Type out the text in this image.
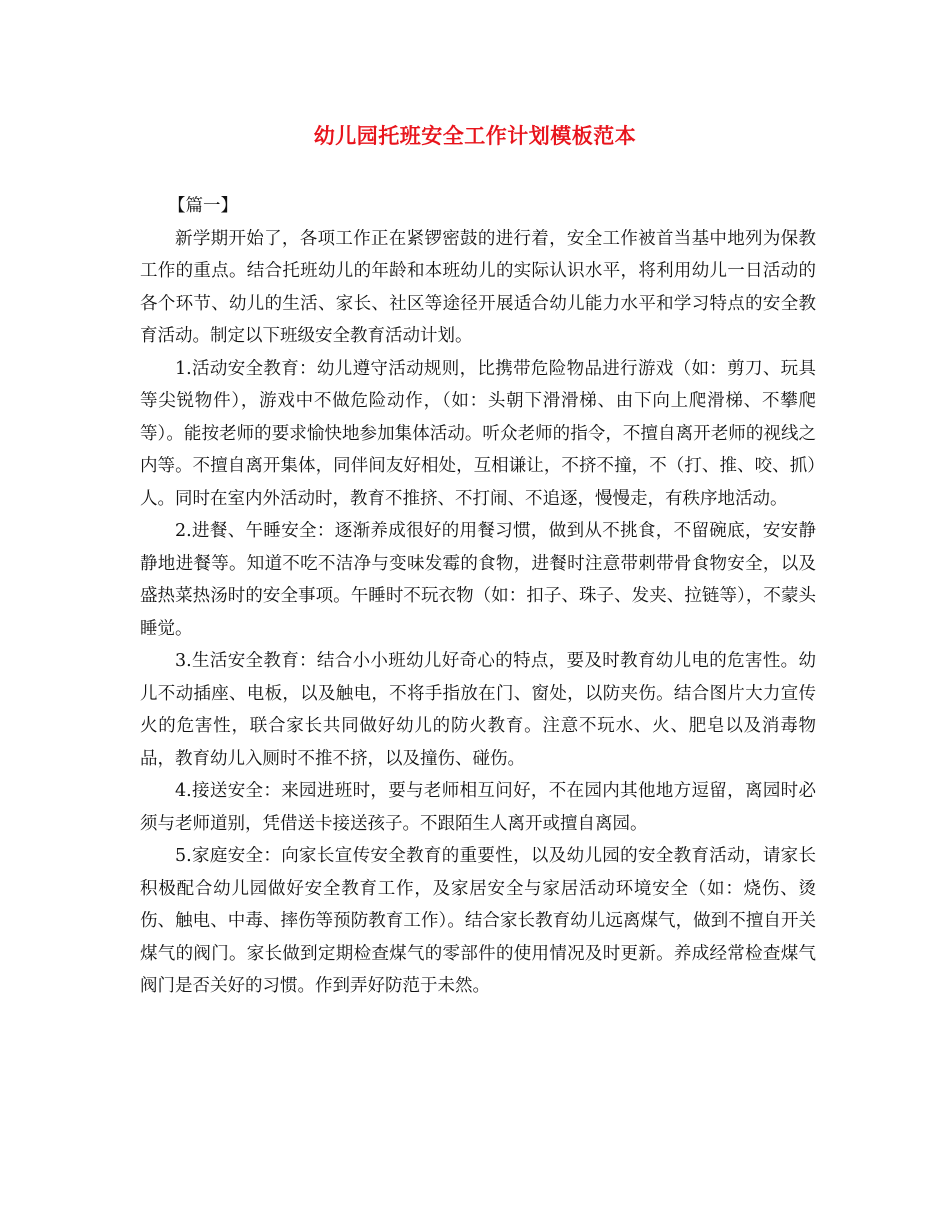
幼儿园托班安全工作计划模板范本

【篇一】

新学期开始了，各项工作正在紧锣密鼓的进行着，安全工作被首当基中地列为保教工作的重点。结合托班幼儿的年龄和本班幼儿的实际认识水平，将利用幼儿一日活动的各个环节、幼儿的生活、家长、社区等途径开展适合幼儿能力水平和学习特点的安全教育活动。制定以下班级安全教育活动计划。

1.活动安全教育：幼儿遵守活动规则，比携带危险物品进行游戏（如：剪刀、玩具等尖锐物件），游戏中不做危险动作，（如：头朝下滑滑梯、由下向上爬滑梯、不攀爬等）。能按老师的要求愉快地参加集体活动。听众老师的指令，不擅自离开老师的视线之内等。不擅自离开集体，同伴间友好相处，互相谦让，不挤不撞，不（打、推、咬、抓）人。同时在室内外活动时，教育不推挤、不打闹、不追逐，慢慢走，有秩序地活动。

2.进餐、午睡安全：逐渐养成很好的用餐习惯，做到从不挑食，不留碗底，安安静静地进餐等。知道不吃不洁净与变味发霉的食物，进餐时注意带刺带骨食物安全，以及盛热菜热汤时的安全事项。午睡时不玩衣物（如：扣子、珠子、发夹、拉链等），不蒙头睡觉。

3.生活安全教育：结合小小班幼儿好奇心的特点，要及时教育幼儿电的危害性。幼儿不动插座、电板，以及触电，不将手指放在门、窗处，以防夹伤。结合图片大力宣传火的危害性，联合家长共同做好幼儿的防火教育。注意不玩水、火、肥皂以及消毒物品，教育幼儿入厕时不推不挤，以及撞伤、碰伤。

4.接送安全：来园进班时，要与老师相互问好，不在园内其他地方逗留，离园时必须与老师道别，凭借送卡接送孩子。不跟陌生人离开或擅自离园。

5.家庭安全：向家长宣传安全教育的重要性，以及幼儿园的安全教育活动，请家长积极配合幼儿园做好安全教育工作，及家居安全与家居活动环境安全（如：烧伤、烫伤、触电、中毒、摔伤等预防教育工作）。结合家长教育幼儿远离煤气，做到不擅自开关煤气的阀门。家长做到定期检查煤气的零部件的使用情况及时更新。养成经常检查煤气阀门是否关好的习惯。作到弄好防范于未然。
